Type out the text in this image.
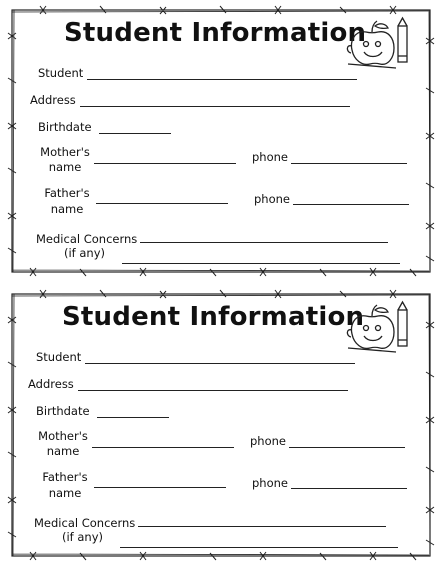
Student Information
Student
Address
Birthdate
Mother's
name
phone
Father's
name
phone
Medical Concerns
(if any)
Student Information
Student
Address
Birthdate
Mother's
name
phone
Father's
name
phone
Medical Concerns
(if any)
